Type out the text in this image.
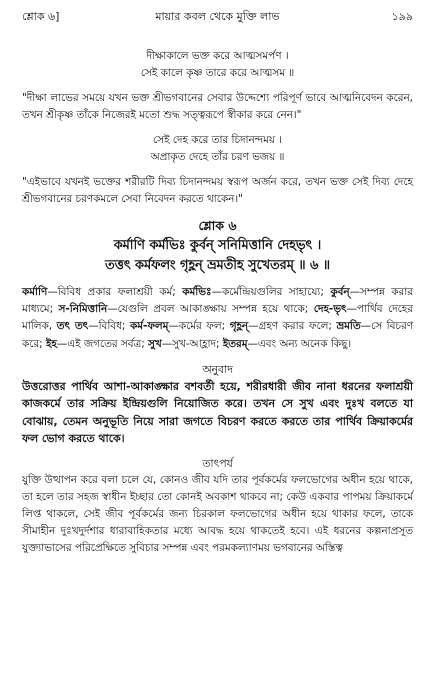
শ্লোক ৬]	মায়ার কবল থেকে মুক্তি লাভ	১৯৯

দীক্ষাকালে ভক্ত করে আত্মসমর্পণ ।

সেই কালে কৃষ্ণ তারে করে আত্মসম ॥

"দীক্ষা লাভের সময়ে যখন ভক্ত শ্রীভগবানের সেবার উদ্দেশ্যে পরিপূর্ণ ভাবে আত্মনিবেদন করেন, তখন শ্রীকৃষ্ণ তাঁকে নিজেরই মতো শুদ্ধ সত্ত্বরূপে স্বীকার করে নেন।"

সেই দেহ করে তার চিদানন্দময় ।

অপ্রাকৃত দেহে তাঁর চরণ ভজয় ॥

"এইভাবে যখনই ভক্তের শরীরটি দিব্য চিদানন্দময় স্বরূপ অর্জন করে, তখন ভক্ত সেই দিব্য দেহে শ্রীভগবানের চরণকমলে সেবা নিবেদন করতে থাকেন।"

শ্লোক ৬

কর্মাণি কর্মভিঃ কুর্বন্ সনিমিত্তানি দেহভৃৎ ।

তত্তৎ কর্মফলং গৃহ্ণন্ ভ্রমতীহ সুখেতরম্ ॥ ৬ ॥

কর্মাণি—বিবিধ প্রকার ফলাশ্রয়ী কর্ম; কর্মভিঃ—কর্মেন্দ্রিয়গুলির সাহায্যে; কুর্বন্—সম্পন্ন করার মাধ্যমে; স-নিমিত্তানি—যেগুলি প্রবল আকাঙ্ক্ষায় সম্পন্ন হয়ে থাকে; দেহ-ভৃৎ—পার্থিব দেহের মালিক, তৎ তৎ—বিবিধ; কর্ম-ফলম্—কর্মের ফল; গৃহ্ণন্—গ্রহণ করার ফলে; ভ্রমতি—সে বিচরণ করে; ইহ—এই জগতের সর্বত্র; সুখ—সুখ-আহ্লাদ; ইতরম্—এবং অন্য অনেক কিছু।

অনুবাদ

উত্তরোত্তর পার্থিব আশা-আকাঙ্ক্ষার বশবর্তী হয়ে, শরীরধারী জীব নানা ধরনের ফলাশ্রয়ী কাজকর্মে তার সক্রিয় ইন্দ্রিয়গুলি নিয়োজিত করে। তখন সে সুখ এবং দুঃখ বলতে যা বোঝায়, তেমন অনুভূতি নিয়ে সারা জগতে বিচরণ করতে করতে তার পার্থিব ক্রিয়াকর্মের ফল ভোগ করতে থাকে।

তাৎপর্য

যুক্তি উত্থাপন করে বলা চলে যে, কোনও জীব যদি তার পূর্বকর্মের ফলভোগের অধীন হয়ে থাকে, তা হলে তার সহজ স্বাধীন ইচ্ছার তো কোনই অবকাশ থাকবে না; কেউ একবার পাপময় ক্রিয়াকর্মে লিপ্ত থাকলে, সেই জীব পূর্বকর্মের জন্য চিরকাল ফলভোগের অধীন হয়ে থাকার ফলে, তাকে সীমাহীন দুঃখদুর্দশার ধারাবাহিকতার মধ্যে আবদ্ধ হয়ে থাকতেই হবে। এই ধরনের কল্পনাপ্রসূত যুক্ত্যাভাসের পরিপ্রেক্ষিতে সুবিচার সম্পন্ন এবং পরমকল্যাণময় ভগবানের অস্তিত্ব
